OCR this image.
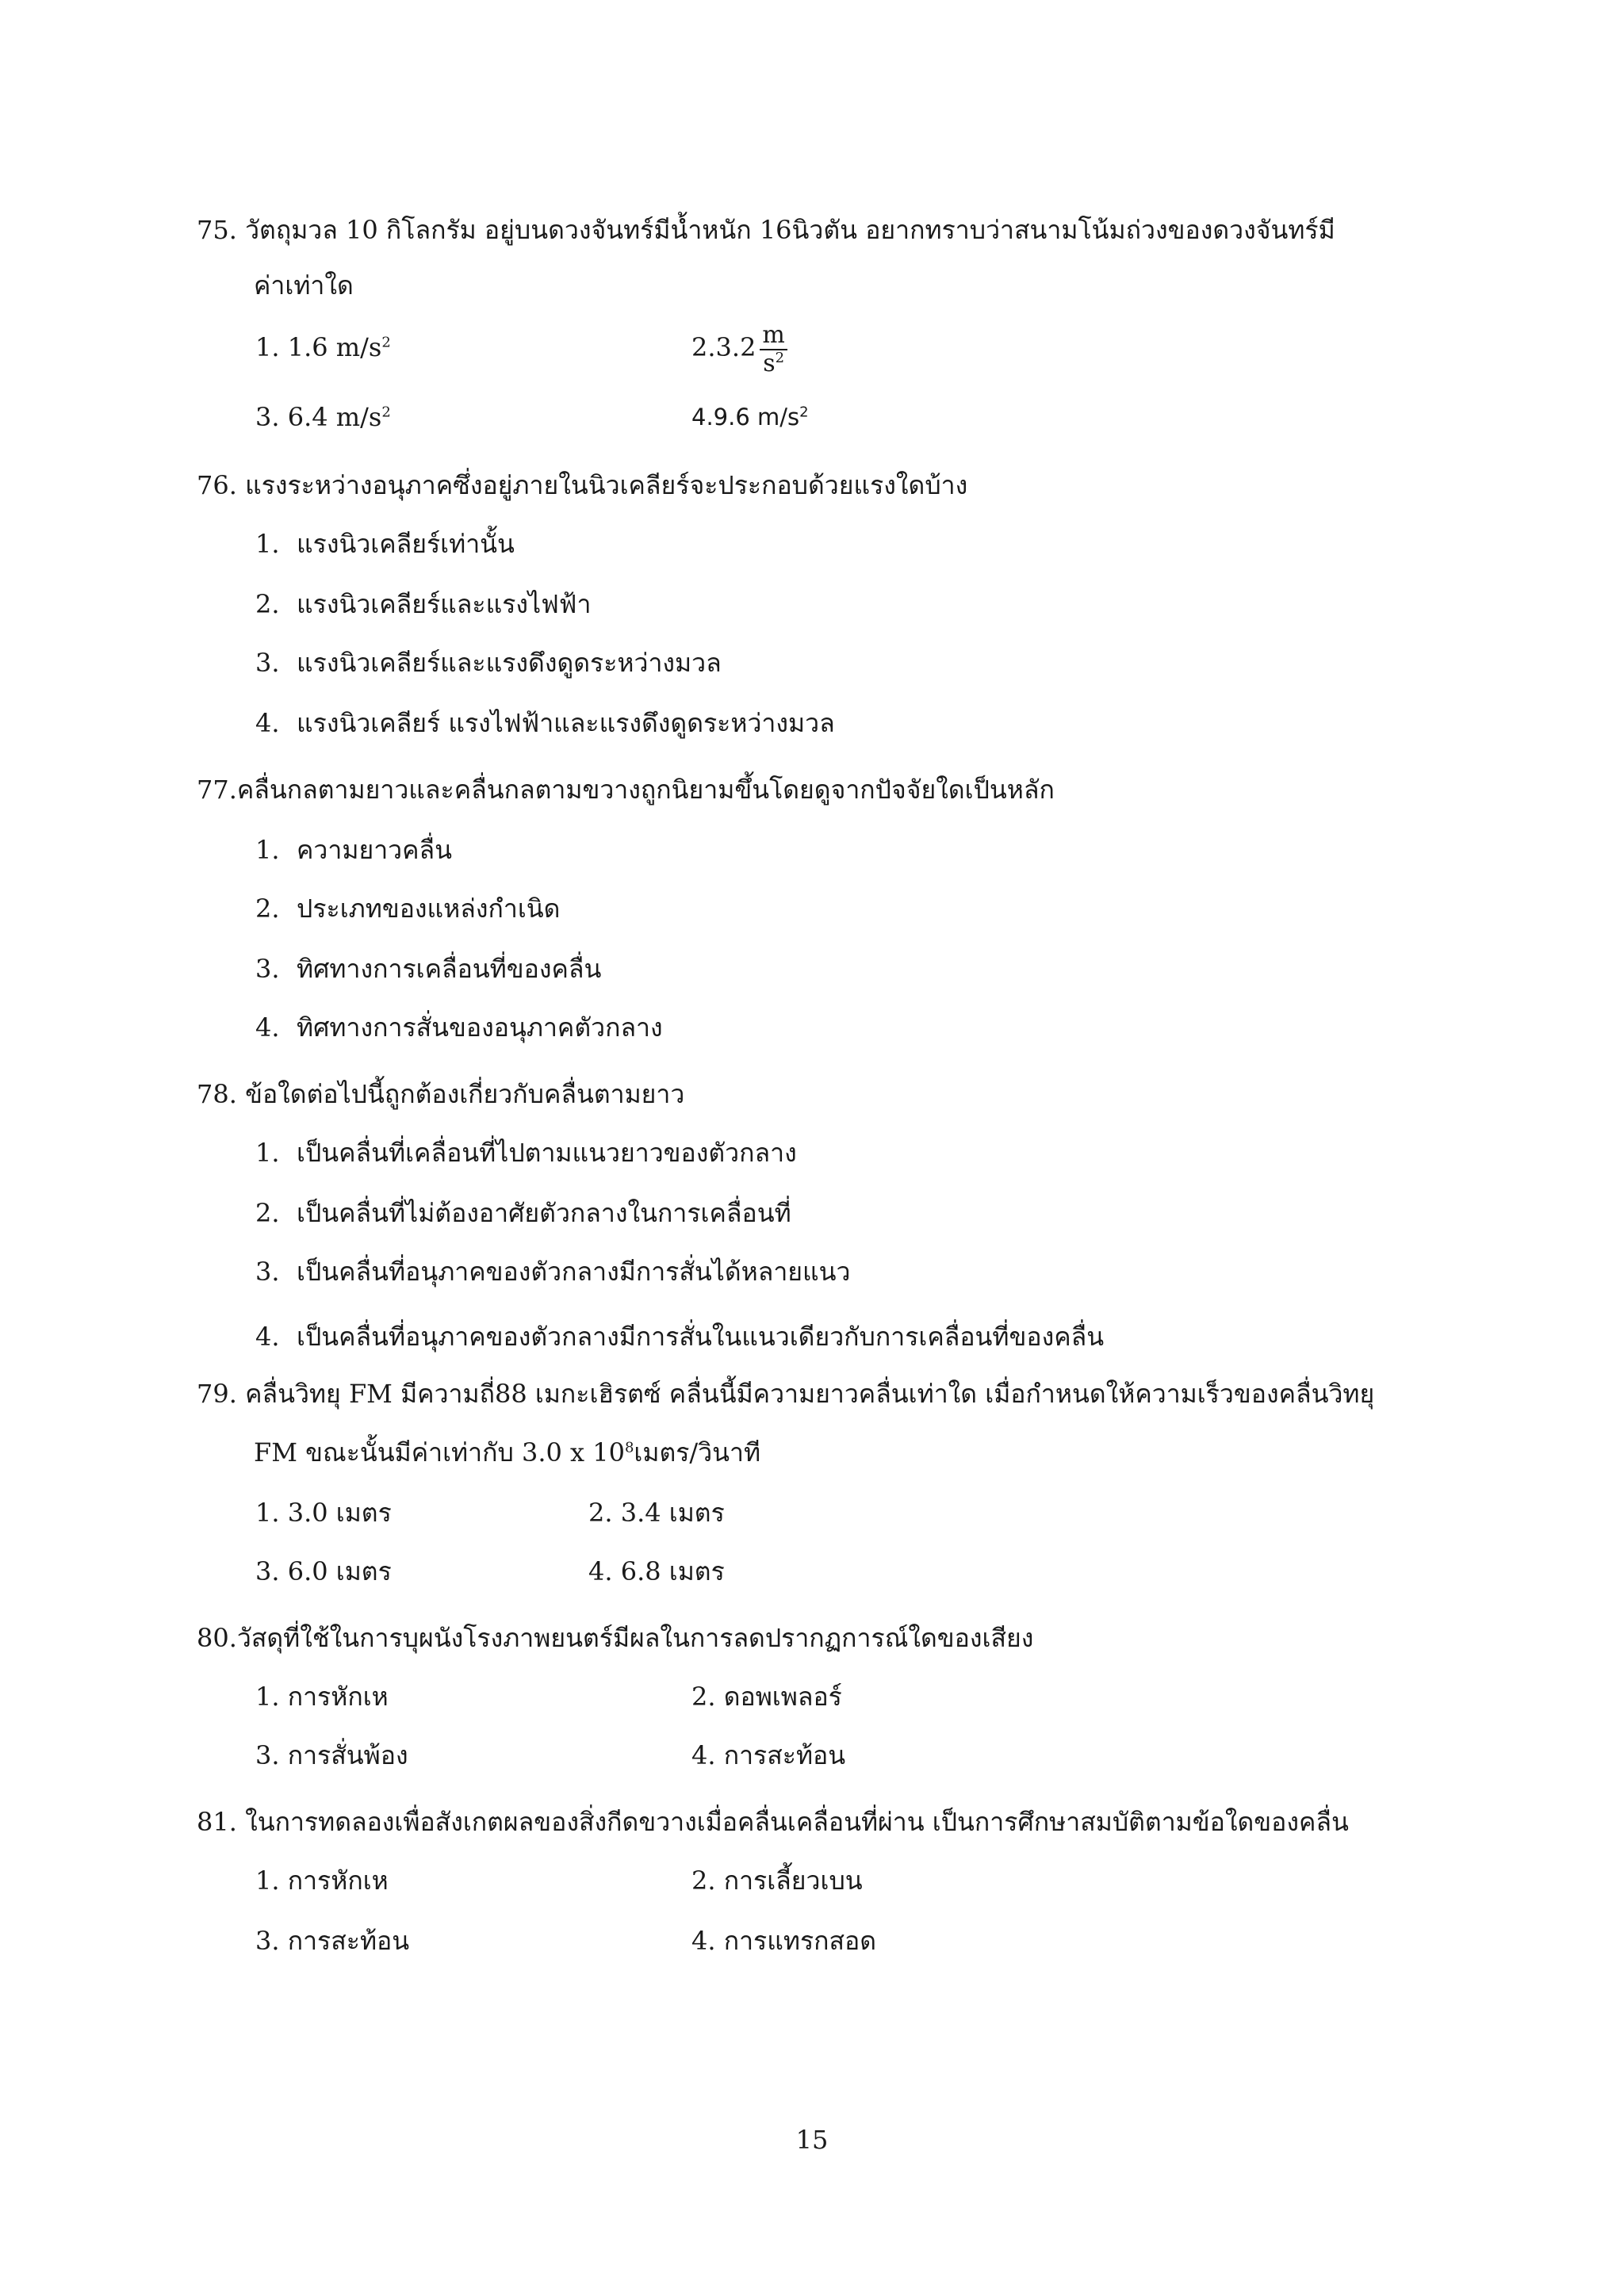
75. วัตถุมวล 10 กิโลกรัม อยู่บนดวงจันทร์มีน้ำหนัก 16นิวตัน อยากทราบว่าสนามโน้มถ่วงของดวงจันทร์มี
ค่าเท่าใด
1. 1.6 $m/s^2$	$2.3.2 \frac{m}{s^2}$
3. 6.4 $m/s^2$	4.9.6 $m/s^2$
76. แรงระหว่างอนุภาคซึ่งอยู่ภายในนิวเคลียร์จะประกอบด้วยแรงใดบ้าง
1. แรงนิวเคลียร์เท่านั้น
2. แรงนิวเคลียร์และแรงไฟฟ้า
3. แรงนิวเคลียร์และแรงดึงดูดระหว่างมวล
4. แรงนิวเคลียร์ แรงไฟฟ้าและแรงดึงดูดระหว่างมวล
77.คลื่นกลตามยาวและคลื่นกลตามขวางถูกนิยามขึ้นโดยดูจากปัจจัยใดเป็นหลัก
1. ความยาวคลื่น
2. ประเภทของแหล่งกำเนิด
3. ทิศทางการเคลื่อนที่ของคลื่น
4. ทิศทางการสั่นของอนุภาคตัวกลาง
78. ข้อใดต่อไปนี้ถูกต้องเกี่ยวกับคลื่นตามยาว
1. เป็นคลื่นที่เคลื่อนที่ไปตามแนวยาวของตัวกลาง
2. เป็นคลื่นที่ไม่ต้องอาศัยตัวกลางในการเคลื่อนที่
3. เป็นคลื่นที่อนุภาคของตัวกลางมีการสั่นได้หลายแนว
4. เป็นคลื่นที่อนุภาคของตัวกลางมีการสั่นในแนวเดียวกับการเคลื่อนที่ของคลื่น
79. คลื่นวิทยุ FM มีความถี่88 เมกะเฮิรตซ์ คลื่นนี้มีความยาวคลื่นเท่าใด เมื่อกำหนดให้ความเร็วของคลื่นวิทยุ
FM ขณะนั้นมีค่าเท่ากับ 3.0 x $10^8$เมตร/วินาที
1. 3.0 เมตร	2. 3.4 เมตร
3. 6.0 เมตร	4. 6.8 เมตร
80.วัสดุที่ใช้ในการบุผนังโรงภาพยนตร์มีผลในการลดปรากฏการณ์ใดของเสียง
1. การหักเห	2. ดอพเพลอร์
3. การสั่นพ้อง	4. การสะท้อน
81. ในการทดลองเพื่อสังเกตผลของสิ่งกีดขวางเมื่อคลื่นเคลื่อนที่ผ่าน เป็นการศึกษาสมบัติตามข้อใดของคลื่น
1. การหักเห	2. การเลี้ยวเบน
3. การสะท้อน	4. การแทรกสอด
15
